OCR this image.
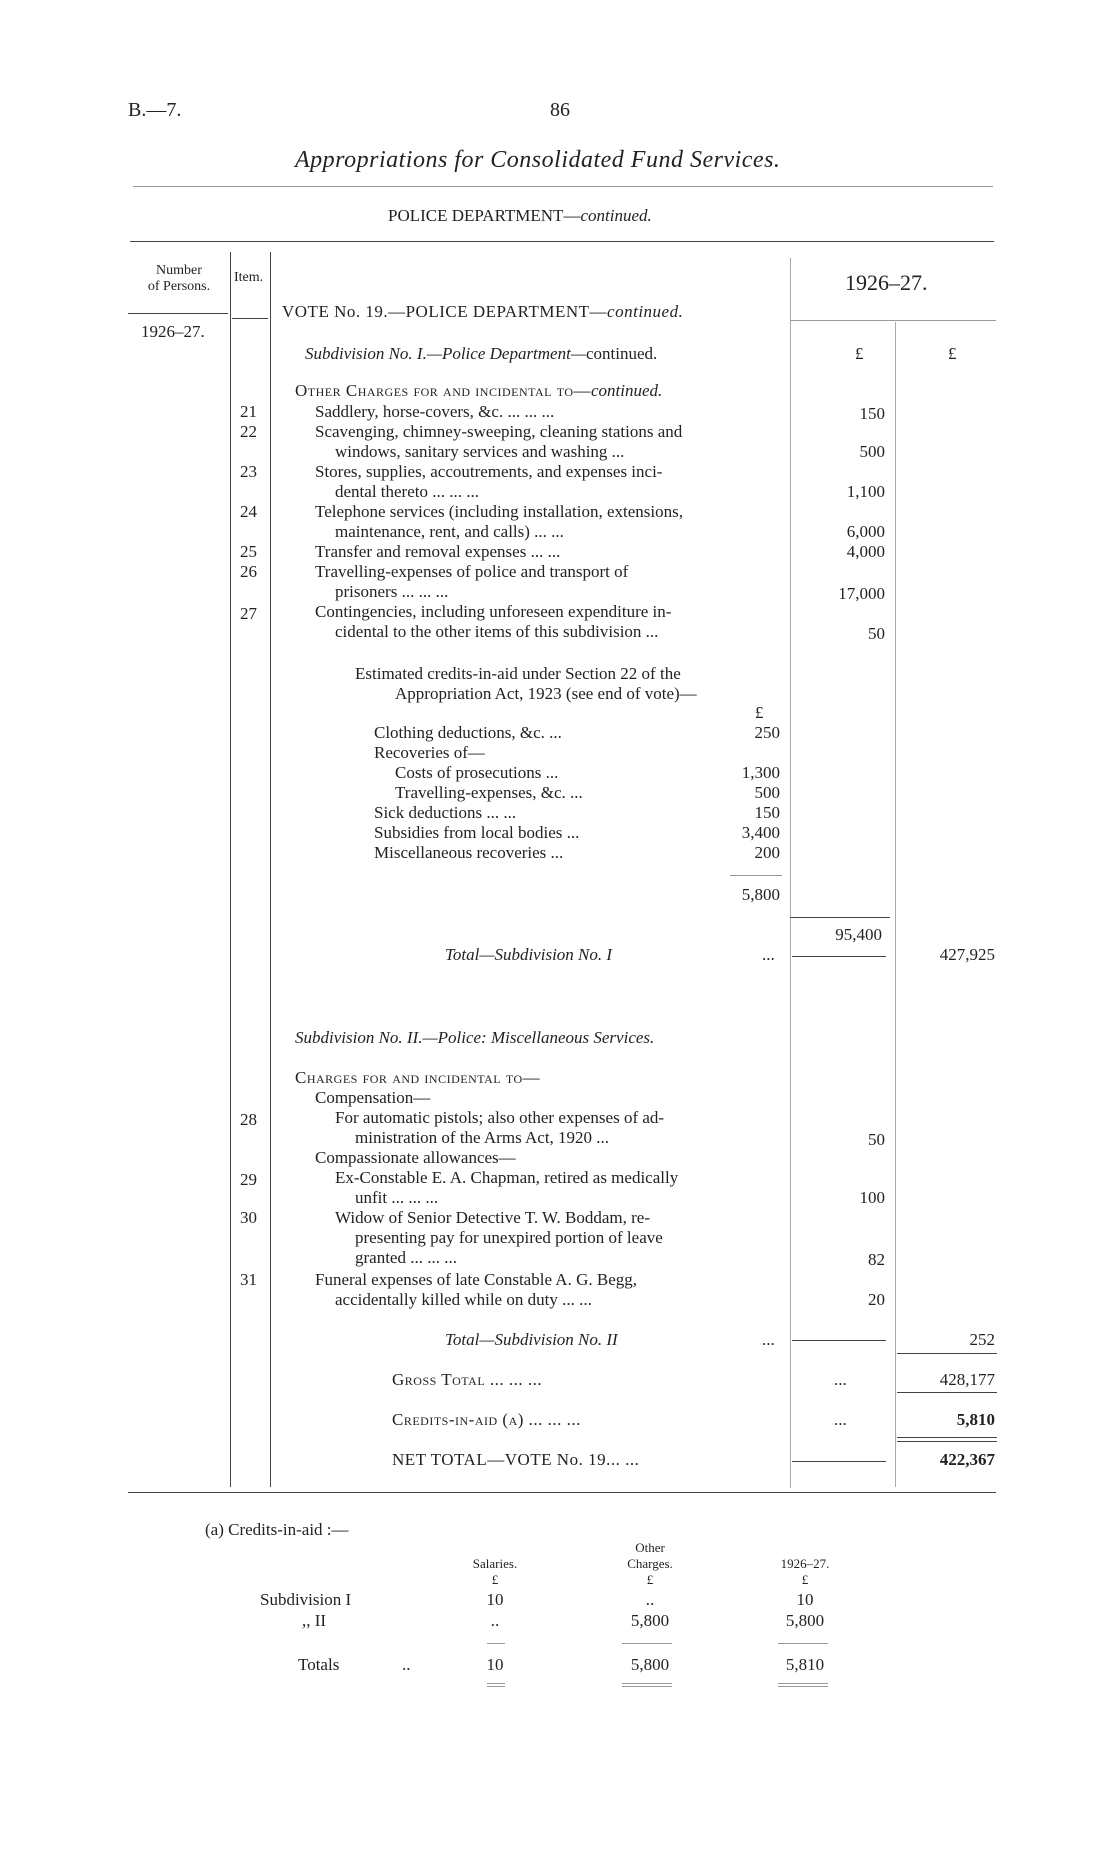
B.—7.	86
Appropriations for Consolidated Fund Services.
POLICE DEPARTMENT—continued.
Number
of Persons.
Item.	1926–27.
1926–27.
VOTE No. 19.—POLICE DEPARTMENT—continued.
Subdivision No. I.—Police Department—continued.	£	£
Other Charges for and incidental to—continued.
21	Saddlery, horse-covers, &c. ... ... ...	150
22	Scavenging, chimney-sweeping, cleaning stations and
windows, sanitary services and washing ...	500
23	Stores, supplies, accoutrements, and expenses inci-
dental thereto ... ... ...	1,100
24	Telephone services (including installation, extensions,
maintenance, rent, and calls) ... ...	6,000
25	Transfer and removal expenses ... ...	4,000
26	Travelling-expenses of police and transport of
prisoners ... ... ...	17,000
27	Contingencies, including unforeseen expenditure in-
cidental to the other items of this subdivision ...	50
Estimated credits-in-aid under Section 22 of the
Appropriation Act, 1923 (see end of vote)—
£
Clothing deductions, &c. ...	250
Recoveries of—
Costs of prosecutions ...	1,300
Travelling-expenses, &c. ...	500
Sick deductions ... ...	150
Subsidies from local bodies ...	3,400
Miscellaneous recoveries ...	200
5,800
95,400
Total—Subdivision No. I	...	427,925
Subdivision No. II.—Police: Miscellaneous Services.
Charges for and incidental to—
Compensation—
28	For automatic pistols; also other expenses of ad-
ministration of the Arms Act, 1920 ...	50
Compassionate allowances—
29	Ex-Constable E. A. Chapman, retired as medically
unfit ... ... ...	100
30	Widow of Senior Detective T. W. Boddam, re-
presenting pay for unexpired portion of leave
granted ... ... ...	82
31	Funeral expenses of late Constable A. G. Begg,
accidentally killed while on duty ... ...	20
Total—Subdivision No. II	...	252
Gross Total ... ... ...	...	428,177
Credits-in-aid (a) ... ... ...	...	5,810
NET TOTAL—VOTE No. 19... ...	422,367
(a) Credits-in-aid :—
Other
Salaries.	Charges.	1926–27.
£	£	£
Subdivision I	10	..	10
,, II	..	5,800	5,800
Totals	..	10	5,800	5,810
